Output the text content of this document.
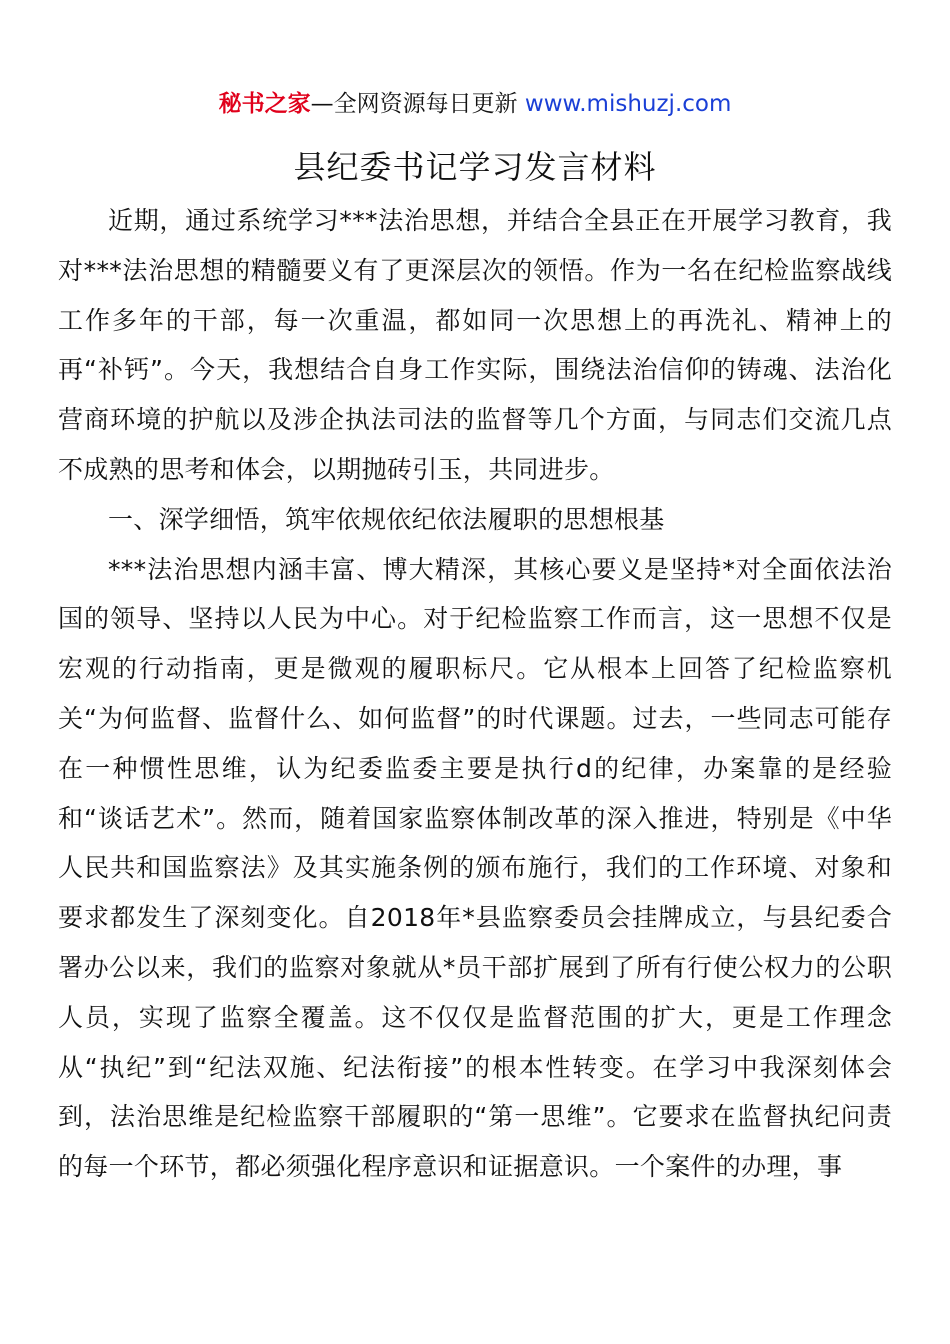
秘书之家—全网资源每日更新 www.mishuzj.com
县纪委书记学习发言材料

近期，通过系统学习***法治思想，并结合全县正在开展学习教育，我对***法治思想的精髓要义有了更深层次的领悟。作为一名在纪检监察战线工作多年的干部，每一次重温，都如同一次思想上的再洗礼、精神上的再“补钙”。今天，我想结合自身工作实际，围绕法治信仰的铸魂、法治化营商环境的护航以及涉企执法司法的监督等几个方面，与同志们交流几点不成熟的思考和体会，以期抛砖引玉，共同进步。

一、深学细悟，筑牢依规依纪依法履职的思想根基

***法治思想内涵丰富、博大精深，其核心要义是坚持*对全面依法治国的领导、坚持以人民为中心。对于纪检监察工作而言，这一思想不仅是宏观的行动指南，更是微观的履职标尺。它从根本上回答了纪检监察机关“为何监督、监督什么、如何监督”的时代课题。过去，一些同志可能存在一种惯性思维，认为纪委监委主要是执行d的纪律，办案靠的是经验和“谈话艺术”。然而，随着国家监察体制改革的深入推进，特别是《中华人民共和国监察法》及其实施条例的颁布施行，我们的工作环境、对象和要求都发生了深刻变化。自2018年*县监察委员会挂牌成立，与县纪委合署办公以来，我们的监察对象就从*员干部扩展到了所有行使公权力的公职人员，实现了监察全覆盖。这不仅仅是监督范围的扩大，更是工作理念从“执纪”到“纪法双施、纪法衔接”的根本性转变。在学习中我深刻体会到，法治思维是纪检监察干部履职的“第一思维”。它要求在监督执纪问责的每一个环节，都必须强化程序意识和证据意识。一个案件的办理，事
